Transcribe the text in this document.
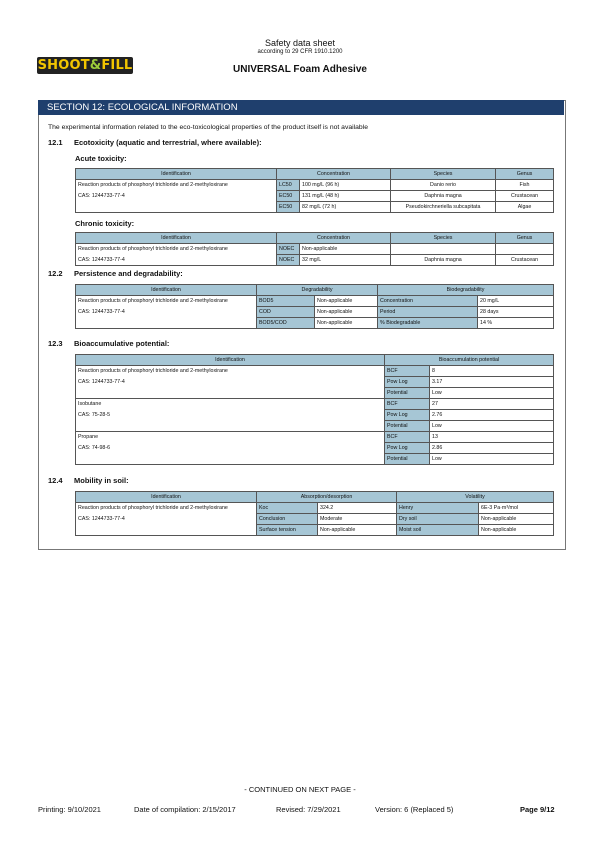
SHOOT&FILL
Safety data sheet
according to 29 CFR 1910.1200
UNIVERSAL Foam Adhesive
SECTION 12: ECOLOGICAL INFORMATION
The experimental information related to the eco-toxicological properties of the product itself is not available
12.1 Ecotoxicity (aquatic and terrestrial, where available):
Acute toxicity:
Identification	Concentration		Species	Genus
Reaction products of phosphoryl trichloride and 2-methyloxirane	LC50	100 mg/L (96 h)	Danio rerio	Fish
CAS: 1244733-77-4	EC50	131 mg/L (48 h)	Daphnia magna	Crustacean
	EC50	82 mg/L (72 h)	Pseudokirchneriella subcapitata	Algae
Chronic toxicity:
Identification	Concentration		Species	Genus
Reaction products of phosphoryl trichloride and 2-methyloxirane	NOEC	Non-applicable		
CAS: 1244733-77-4	NOEC	32 mg/L	Daphnia magna	Crustacean
12.2 Persistence and degradability:
Identification	Degradability		Biodegradability	
Reaction products of phosphoryl trichloride and 2-methyloxirane	BOD5	Non-applicable	Concentration	20 mg/L
CAS: 1244733-77-4	COD	Non-applicable	Period	28 days
	BOD5/COD	Non-applicable	% Biodegradable	14 %
12.3 Bioaccumulative potential:
Identification	Bioaccumulation potential	
Reaction products of phosphoryl trichloride and 2-methyloxirane	BCF	8
CAS: 1244733-77-4	Pow Log	3.17
	Potential	Low
Isobutane	BCF	27
CAS: 75-28-5	Pow Log	2.76
	Potential	Low
Propane	BCF	13
CAS: 74-98-6	Pow Log	2.86
	Potential	Low
12.4 Mobility in soil:
Identification	Absorption/desorption		Volatility	
Reaction products of phosphoryl trichloride and 2-methyloxirane	Koc	324.2	Henry	6E-3 Pa·m³/mol
CAS: 1244733-77-4	Conclusion	Moderate	Dry soil	Non-applicable
	Surface tension	Non-applicable	Moist soil	Non-applicable
- CONTINUED ON NEXT PAGE -
Printing: 9/10/2021	Date of compilation: 2/15/2017	Revised: 7/29/2021	Version: 6 (Replaced 5)	Page 9/12
